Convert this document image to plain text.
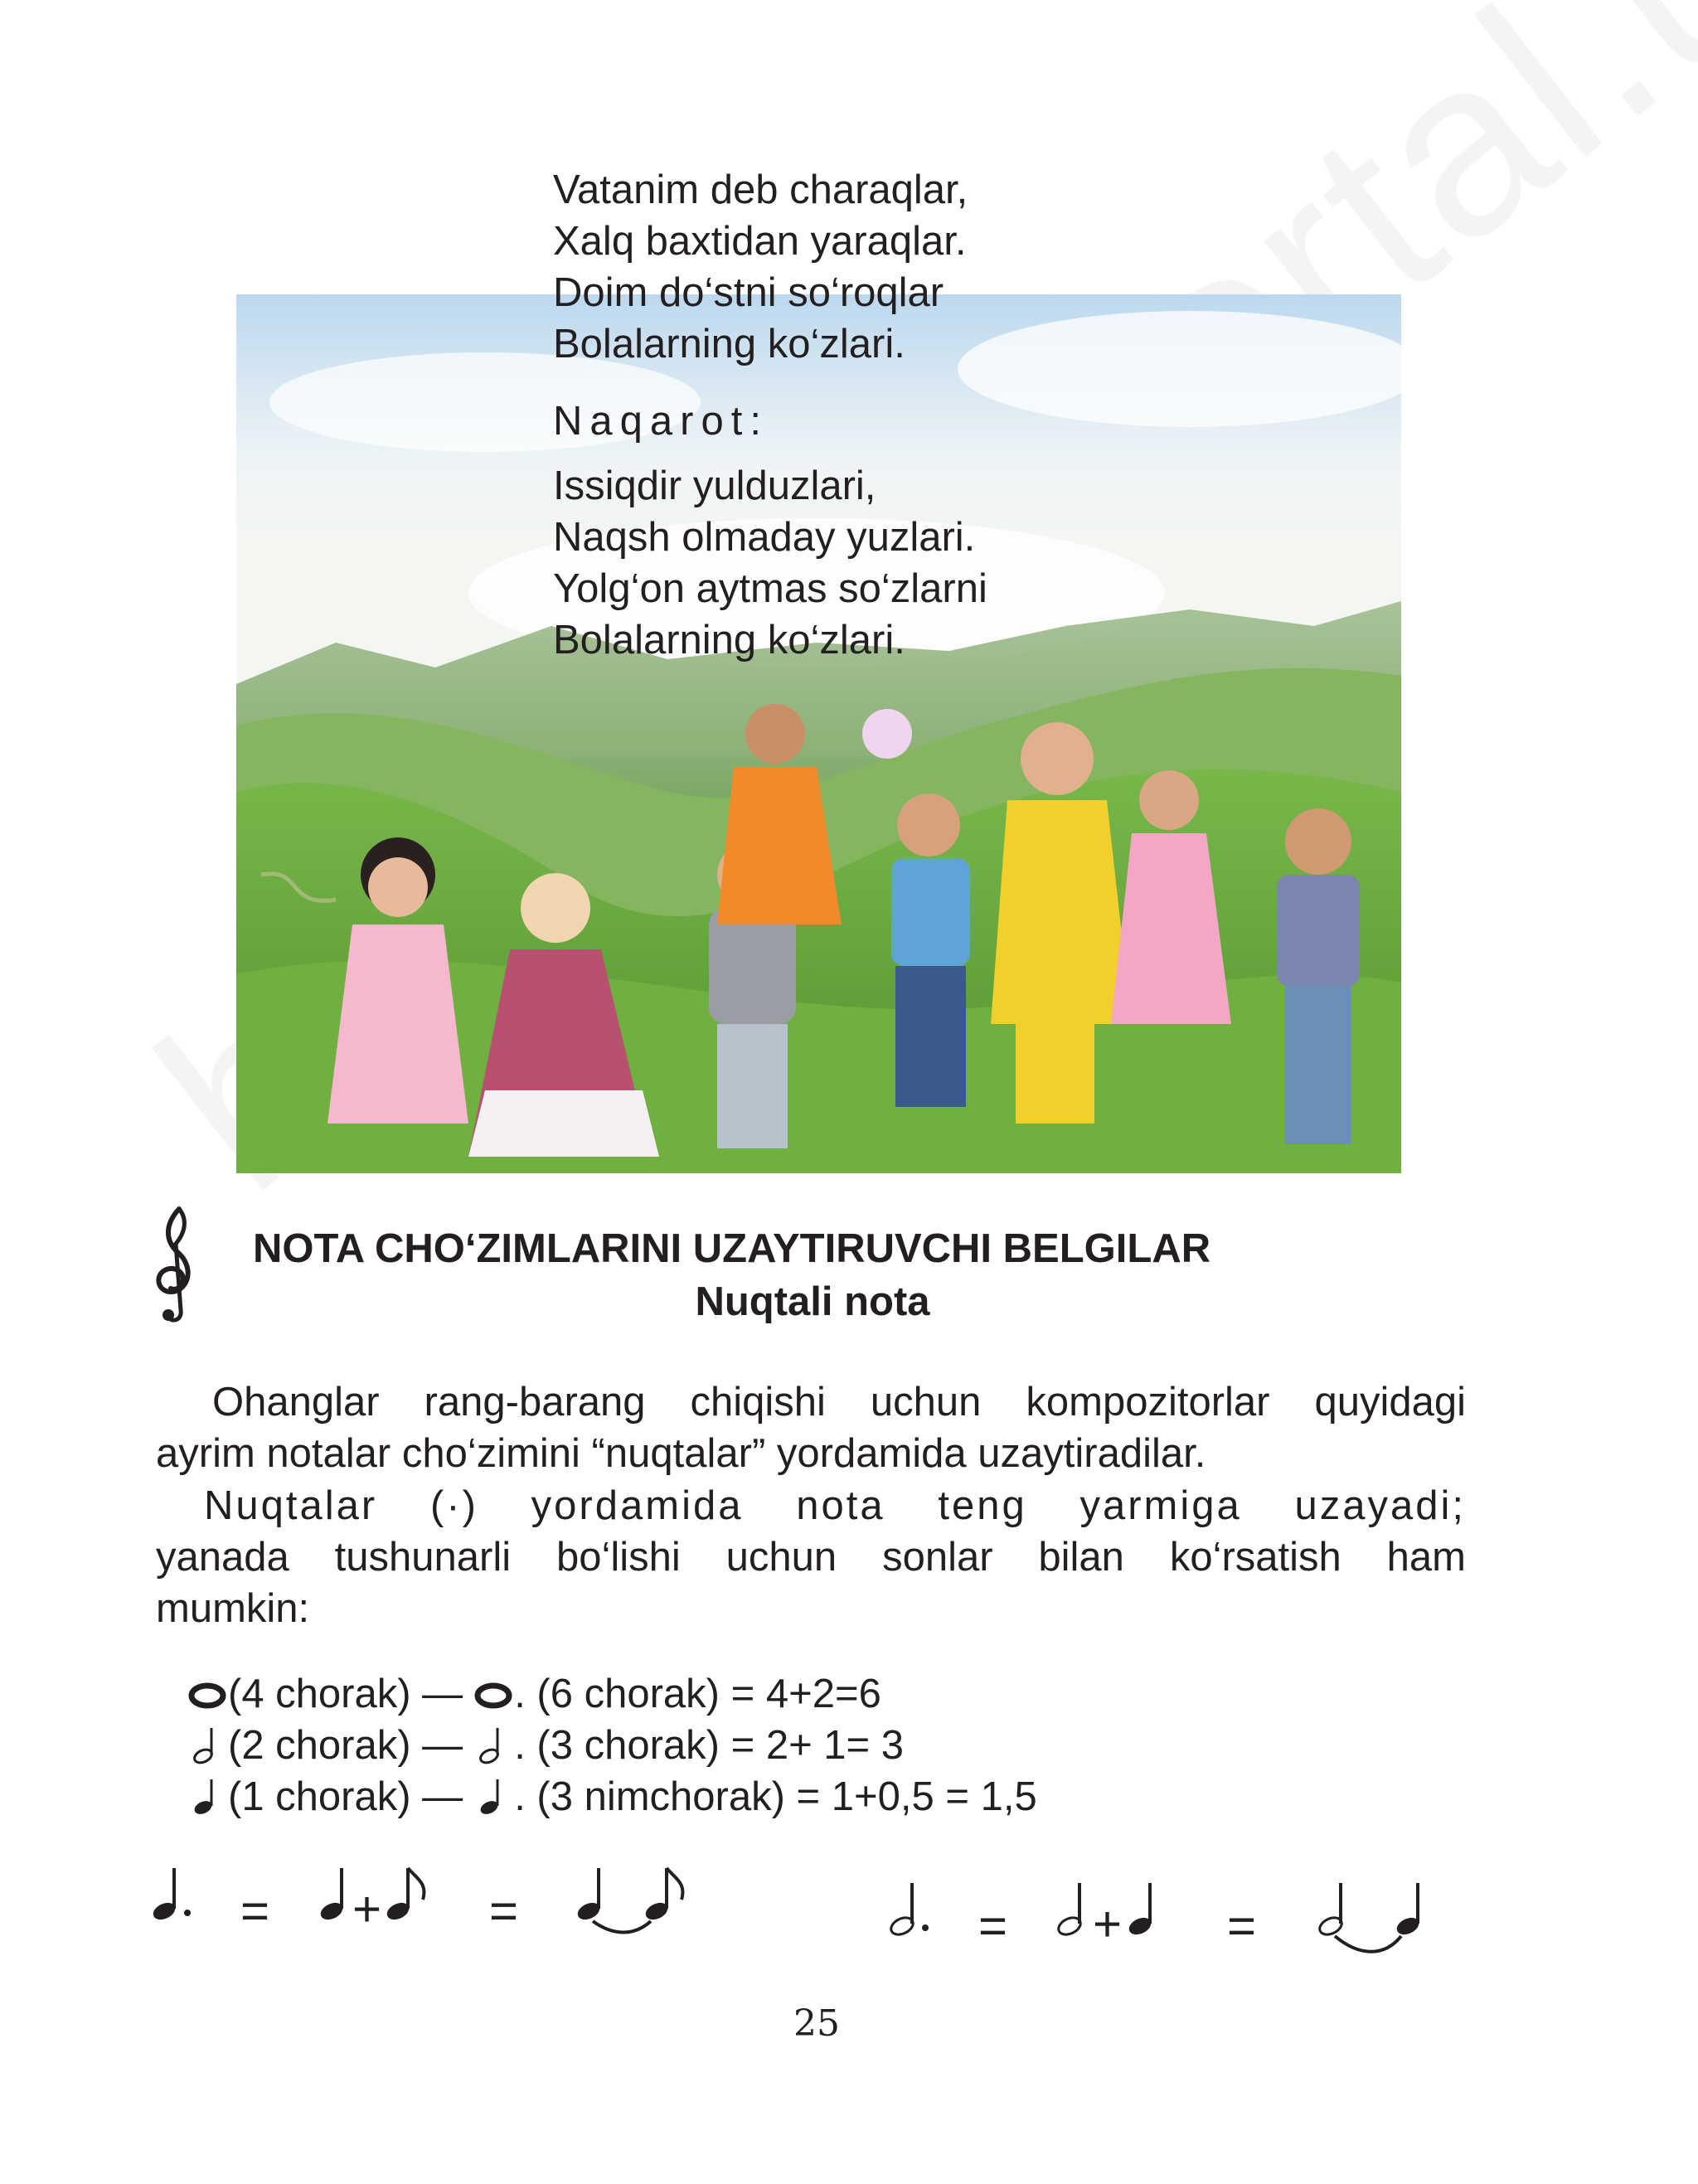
Vatanim deb charaqlar,
Xalq baxtidan yaraqlar.
Doim do‘stni so‘roqlar
Bolalarning ko‘zlari.
Naqarot:
Issiqdir yulduzlari,
Naqsh olmaday yuzlari.
Yolg‘on aytmas so‘zlarni
Bolalarning ko‘zlari.
NOTA CHO‘ZIMLARINI UZAYTIRUVCHI BELGILAR
Nuqtali nota
Ohanglar rang-barang chiqishi uchun kompozitorlar quyidagi
ayrim notalar cho‘zimini “nuqtalar” yordamida uzaytiradilar.
Nuqtalar (·) yordamida nota teng yarmiga uzayadi;
yanada tushunarli bo‘lishi uchun sonlar bilan ko‘rsatish ham
mumkin:
(4 chorak) — . (6 chorak) = 4+2=6
(2 chorak) — . (3 chorak) = 2+ 1= 3
(1 chorak) — . (3 nimchorak) = 1+0,5 = 1,5
= + =	= + =
25
